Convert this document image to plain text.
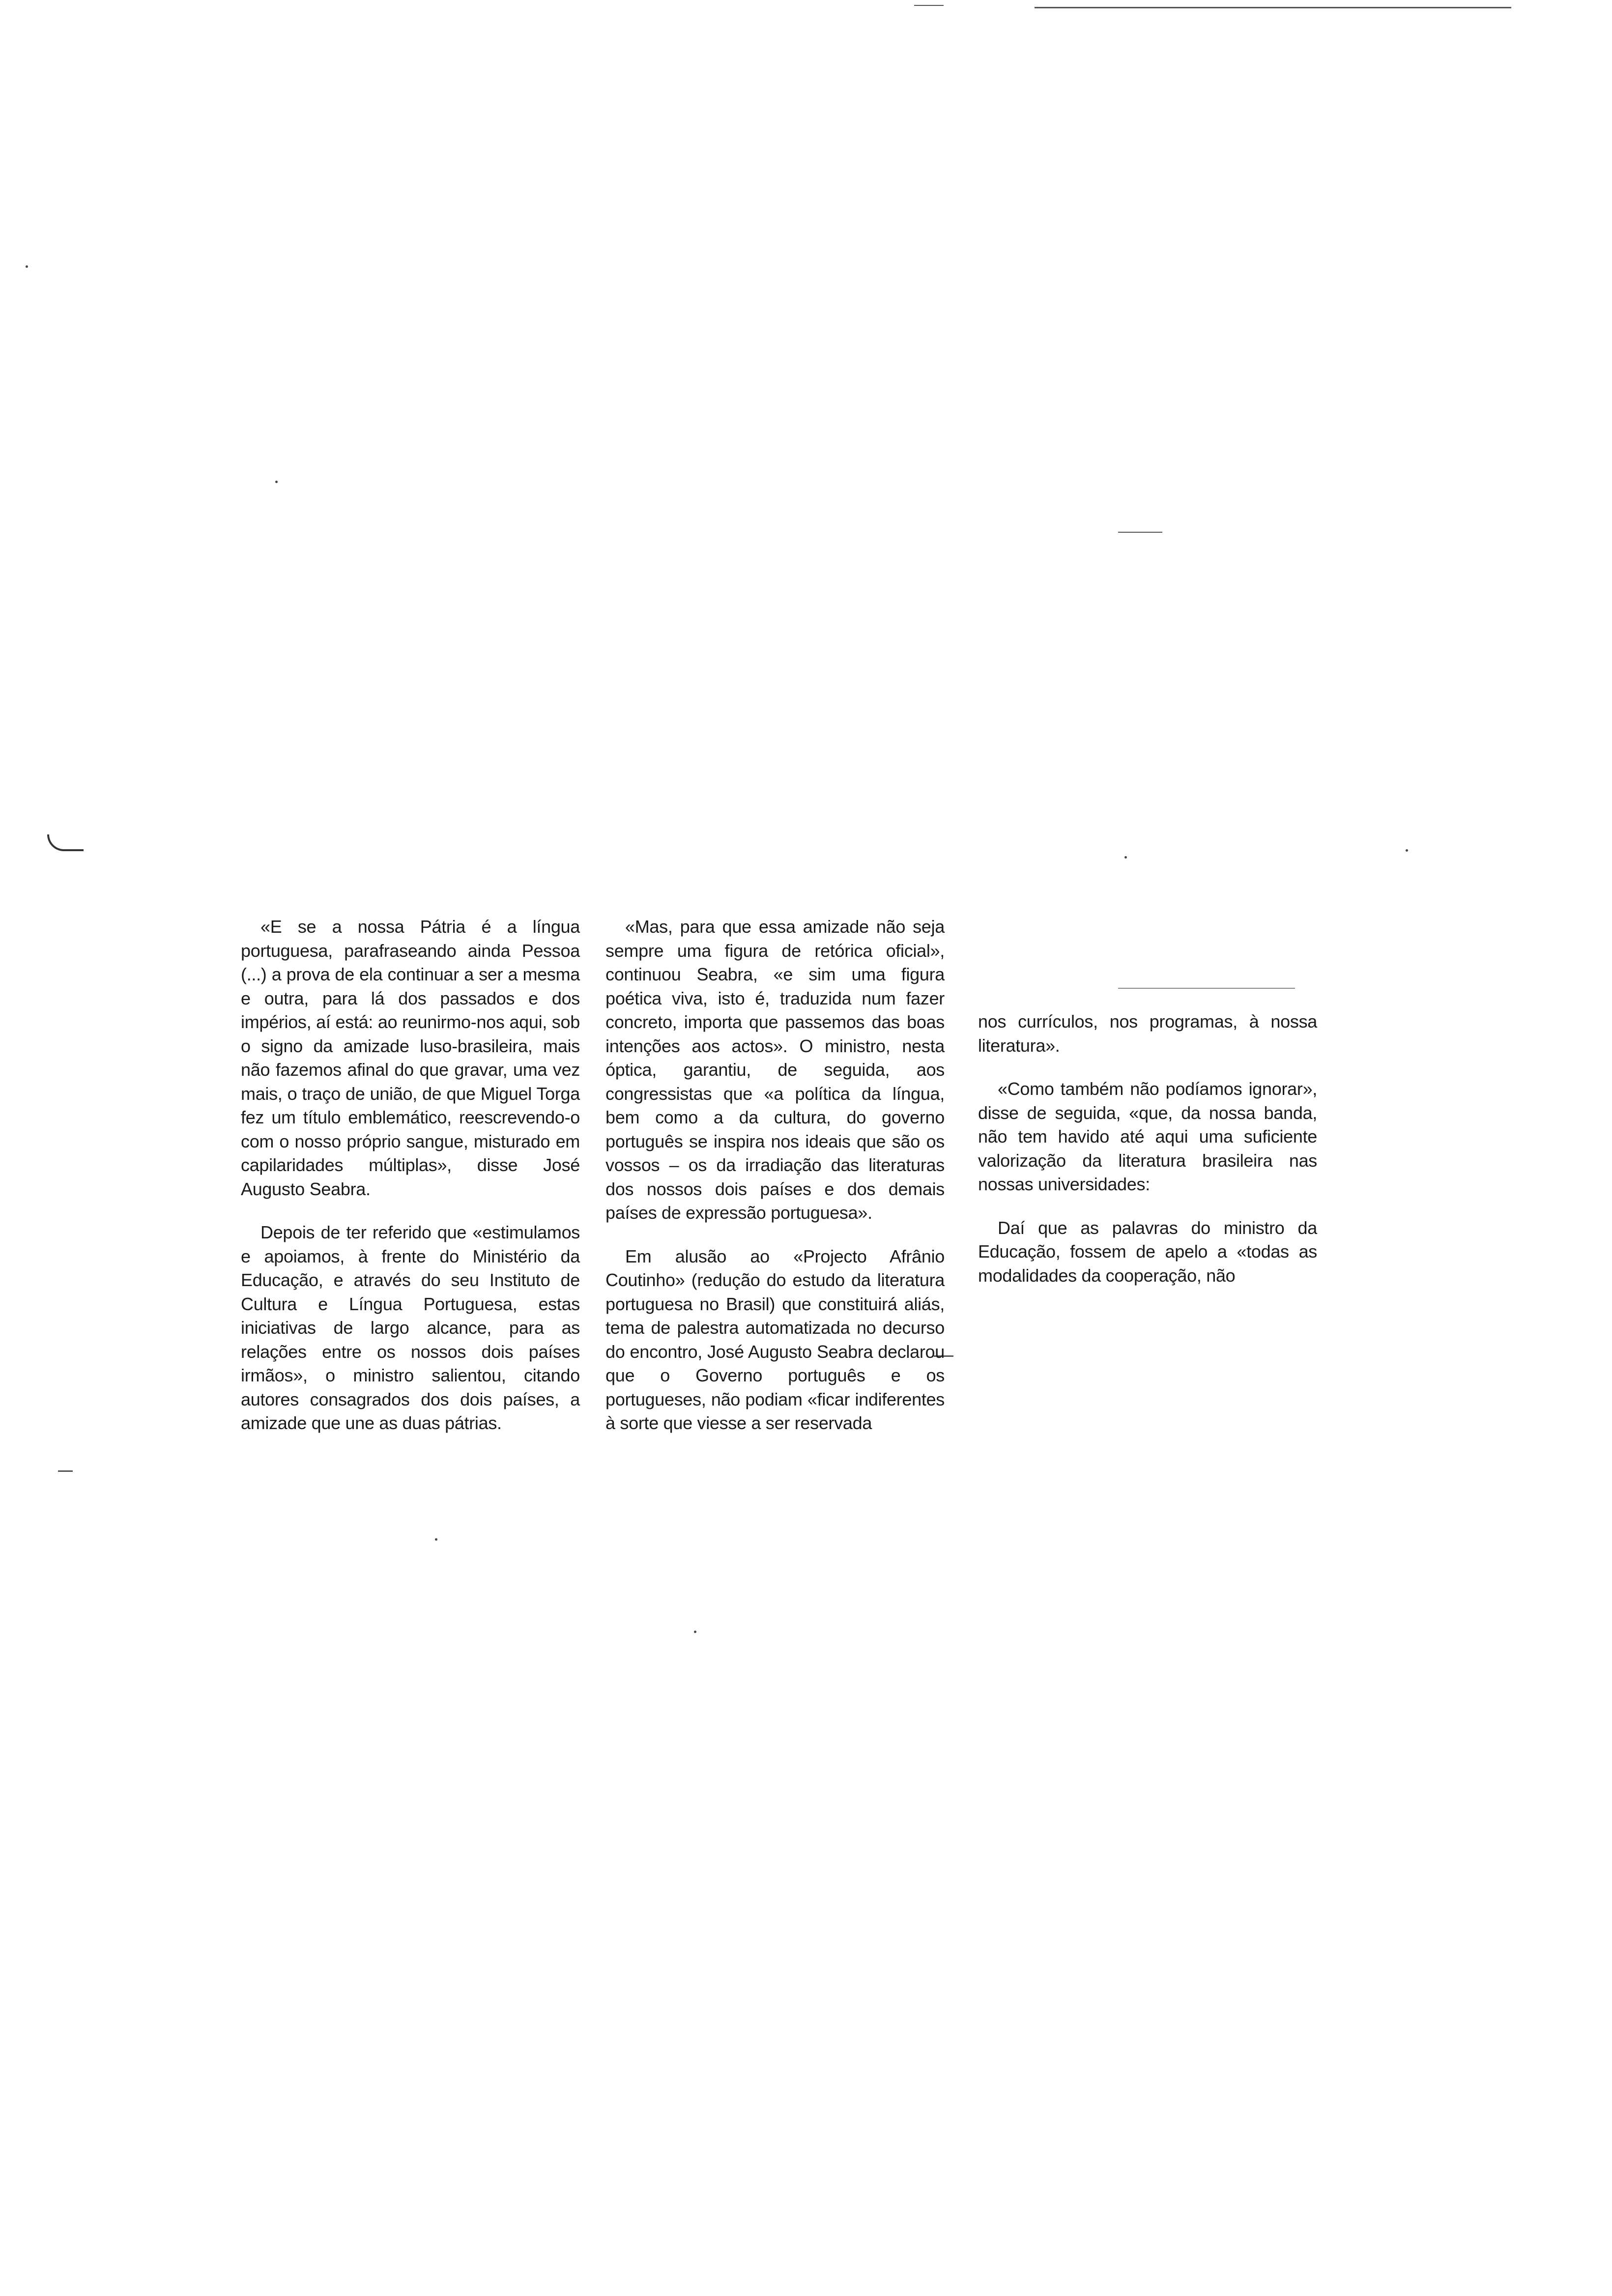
«E se a nossa Pátria é a língua portuguesa, parafraseando ainda Pessoa (...) a prova de ela continuar a ser a mesma e outra, para lá dos passados e dos impérios, aí está: ao reunirmo-nos aqui, sob o signo da amizade luso-brasileira, mais não fazemos afinal do que gravar, uma vez mais, o traço de união, de que Miguel Torga fez um título emblemático, reescrevendo-o com o nosso próprio sangue, misturado em capilaridades múltiplas», disse José Augusto Seabra.

Depois de ter referido que «estimulamos e apoiamos, à frente do Ministério da Educação, e através do seu Instituto de Cultura e Língua Portuguesa, estas iniciativas de largo alcance, para as relações entre os nossos dois países irmãos», o ministro salientou, citando autores consagrados dos dois países, a amizade que une as duas pátrias.

«Mas, para que essa amizade não seja sempre uma figura de retórica oficial», continuou Seabra, «e sim uma figura poética viva, isto é, traduzida num fazer concreto, importa que passemos das boas intenções aos actos». O ministro, nesta óptica, garantiu, de seguida, aos congressistas que «a política da língua, bem como a da cultura, do governo português se inspira nos ideais que são os vossos – os da irradiação das literaturas dos nossos dois países e dos demais países de expressão portuguesa».

Em alusão ao «Projecto Afrânio Coutinho» (redução do estudo da literatura portuguesa no Brasil) que constituirá aliás, tema de palestra automatizada no decurso do encontro, José Augusto Seabra declarou que o Governo português e os portugueses, não podiam «ficar indiferentes à sorte que viesse a ser reservada

nos currículos, nos programas, à nossa literatura».

«Como também não podíamos ignorar», disse de seguida, «que, da nossa banda, não tem havido até aqui uma suficiente valorização da literatura brasileira nas nossas universidades:

Daí que as palavras do ministro da Educação, fossem de apelo a «todas as modalidades da cooperação, não
